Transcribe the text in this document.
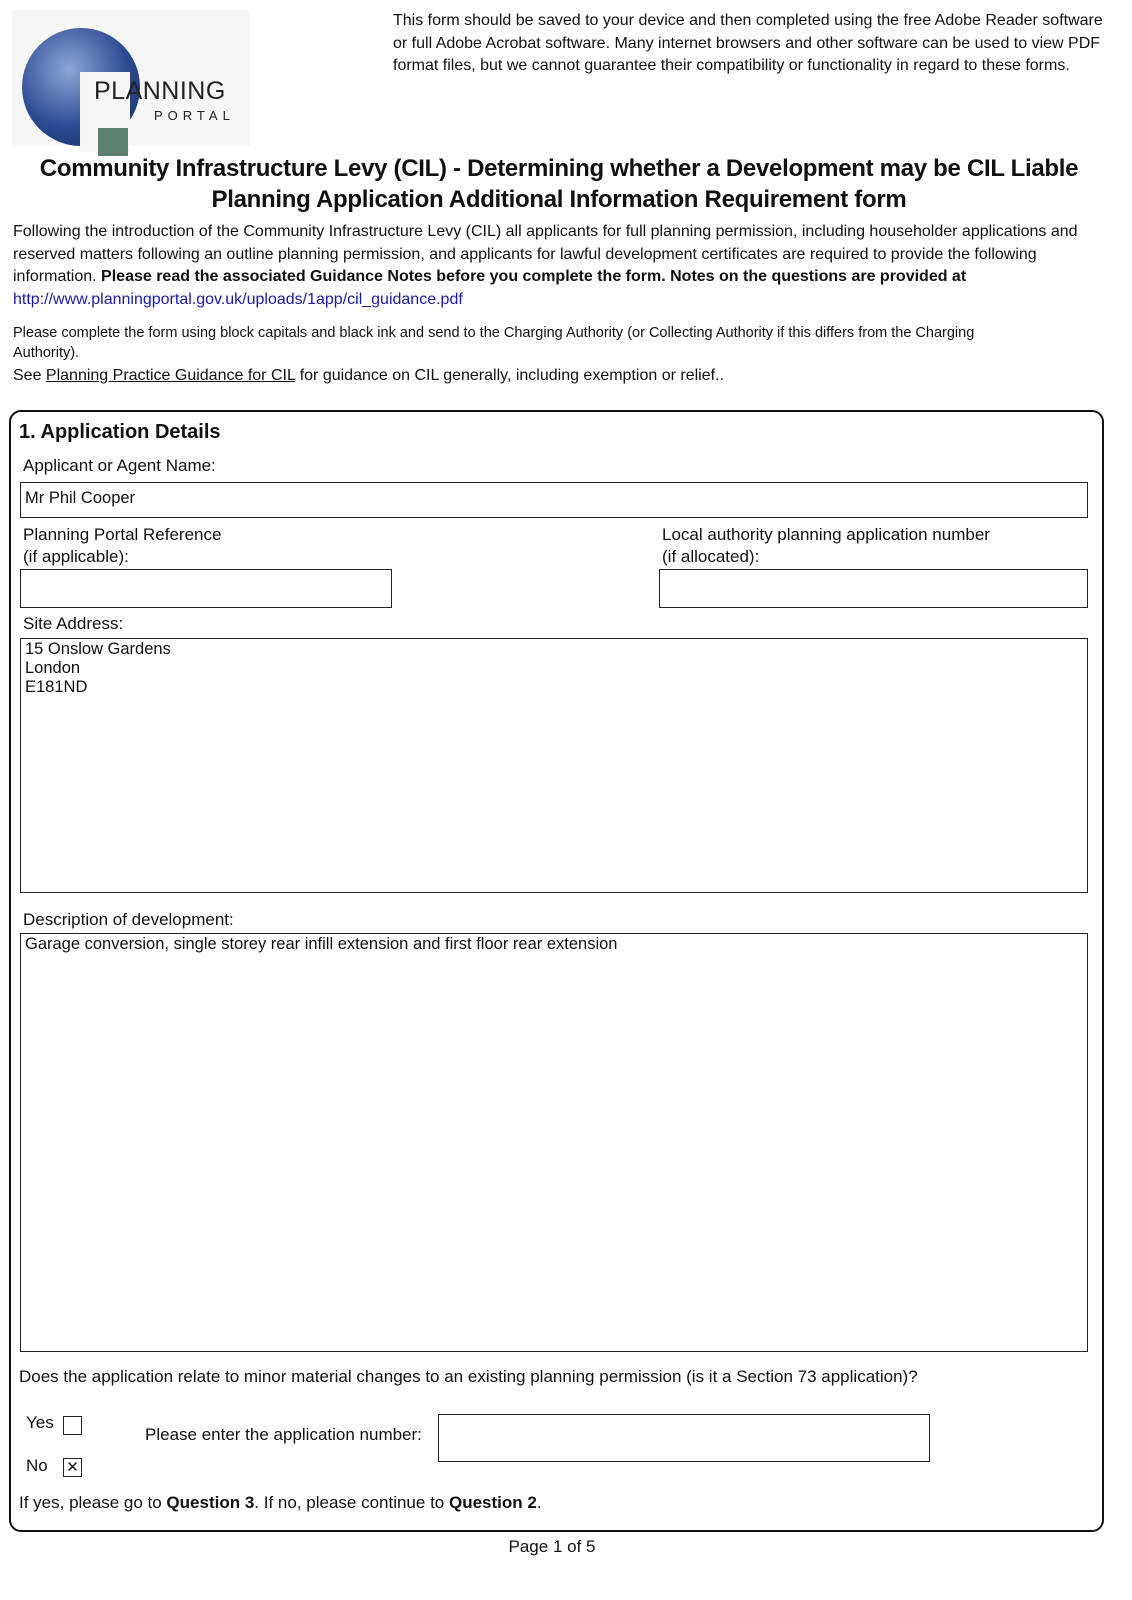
PLANNING
PORTAL
This form should be saved to your device and then completed using the free Adobe Reader software or full Adobe Acrobat software. Many internet browsers and other software can be used to view PDF format files, but we cannot guarantee their compatibility or functionality in regard to these forms.
Community Infrastructure Levy (CIL) - Determining whether a Development may be CIL Liable
Planning Application Additional Information Requirement form
Following the introduction of the Community Infrastructure Levy (CIL) all applicants for full planning permission, including householder applications and reserved matters following an outline planning permission, and applicants for lawful development certificates are required to provide the following information. Please read the associated Guidance Notes before you complete the form. Notes on the questions are provided at http://www.planningportal.gov.uk/uploads/1app/cil_guidance.pdf
Please complete the form using block capitals and black ink and send to the Charging Authority (or Collecting Authority if this differs from the Charging Authority).
See Planning Practice Guidance for CIL for guidance on CIL generally, including exemption or relief..
1. Application Details
Applicant or Agent Name:
Mr Phil Cooper
Planning Portal Reference
(if applicable):
Local authority planning application number
(if allocated):
Site Address:
15 Onslow Gardens
London
E181ND
Description of development:
Garage conversion, single storey rear infill extension and first floor rear extension
Does the application relate to minor material changes to an existing planning permission (is it a Section 73 application)?
Yes
No ✕
Please enter the application number:
If yes, please go to Question 3. If no, please continue to Question 2.
Page 1 of 5
